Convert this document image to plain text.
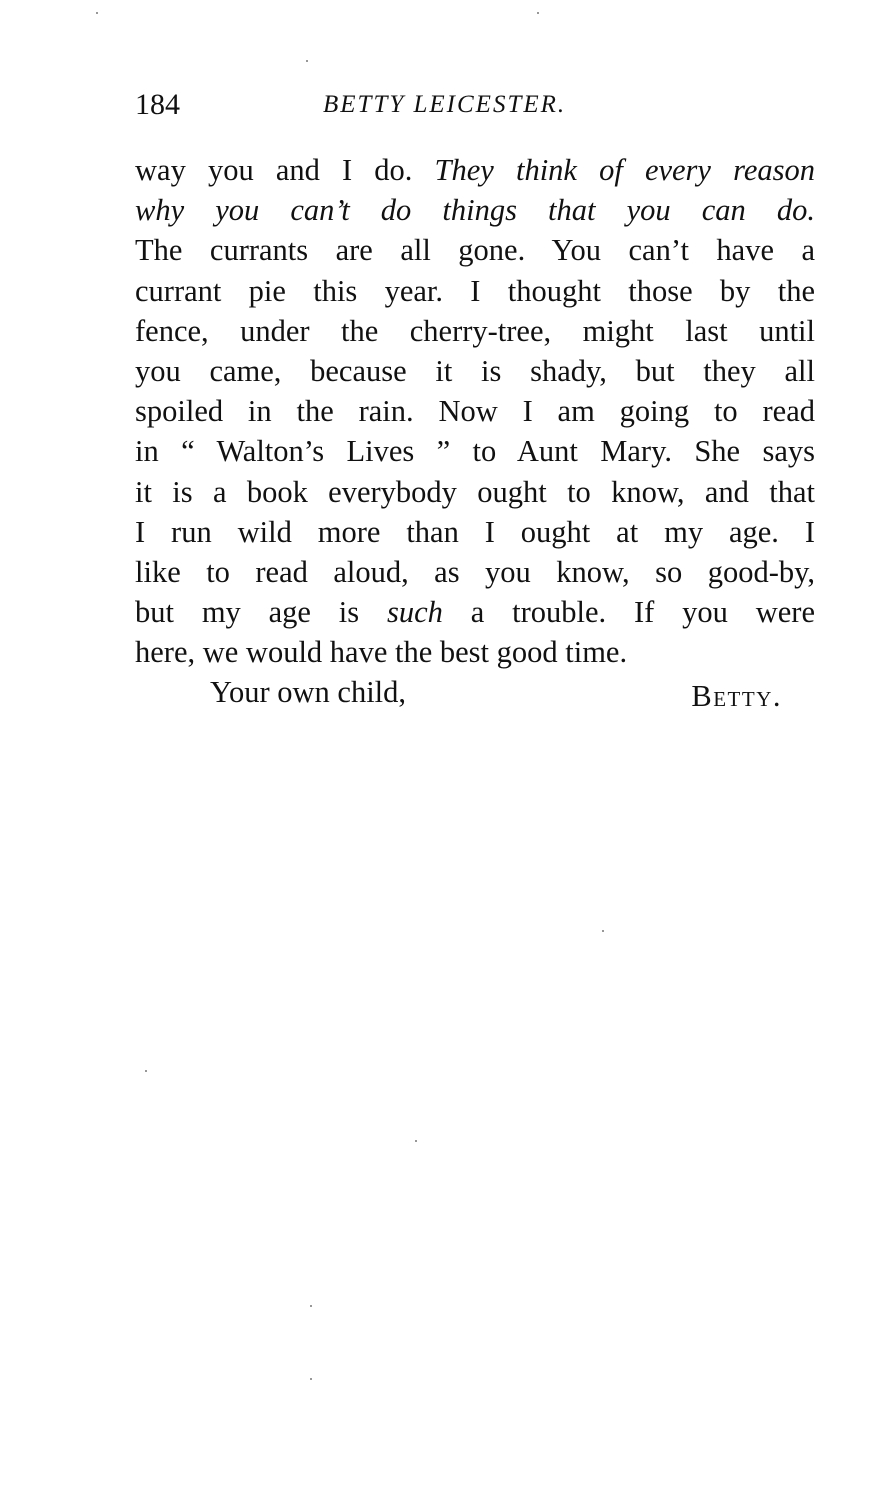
184	BETTY LEICESTER.
way you and I do. They think of every reason
why you can’t do things that you can do.
The currants are all gone. You can’t have a
currant pie this year. I thought those by the
fence, under the cherry-tree, might last until
you came, because it is shady, but they all
spoiled in the rain. Now I am going to read
in “ Walton’s Lives ” to Aunt Mary. She says
it is a book everybody ought to know, and that
I run wild more than I ought at my age. I
like to read aloud, as you know, so good-by,
but my age is such a trouble. If you were
here, we would have the best good time.
Your own child,	Betty.
